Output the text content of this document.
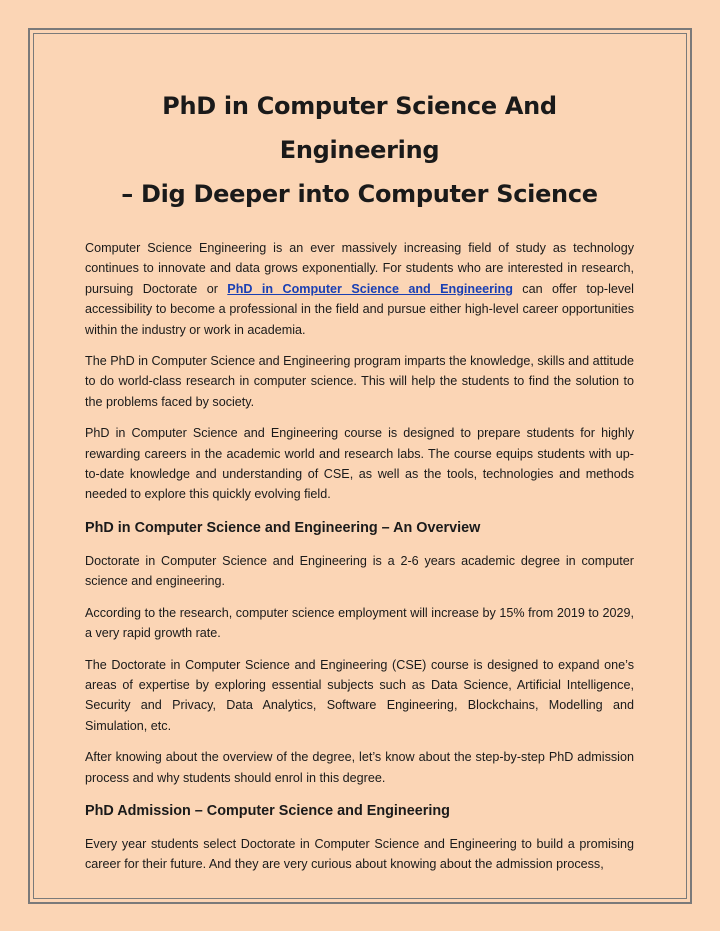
PhD in Computer Science And Engineering
– Dig Deeper into Computer Science

Computer Science Engineering is an ever massively increasing field of study as technology continues to innovate and data grows exponentially. For students who are interested in research, pursuing Doctorate or PhD in Computer Science and Engineering can offer top-level accessibility to become a professional in the field and pursue either high-level career opportunities within the industry or work in academia.

The PhD in Computer Science and Engineering program imparts the knowledge, skills and attitude to do world-class research in computer science. This will help the students to find the solution to the problems faced by society.

PhD in Computer Science and Engineering course is designed to prepare students for highly rewarding careers in the academic world and research labs. The course equips students with up-to-date knowledge and understanding of CSE, as well as the tools, technologies and methods needed to explore this quickly evolving field.

PhD in Computer Science and Engineering – An Overview

Doctorate in Computer Science and Engineering is a 2-6 years academic degree in computer science and engineering.

According to the research, computer science employment will increase by 15% from 2019 to 2029, a very rapid growth rate.

The Doctorate in Computer Science and Engineering (CSE) course is designed to expand one’s areas of expertise by exploring essential subjects such as Data Science, Artificial Intelligence, Security and Privacy, Data Analytics, Software Engineering, Blockchains, Modelling and Simulation, etc.

After knowing about the overview of the degree, let’s know about the step-by-step PhD admission process and why students should enrol in this degree.

PhD Admission – Computer Science and Engineering

Every year students select Doctorate in Computer Science and Engineering to build a promising career for their future. And they are very curious about knowing about the admission process,
